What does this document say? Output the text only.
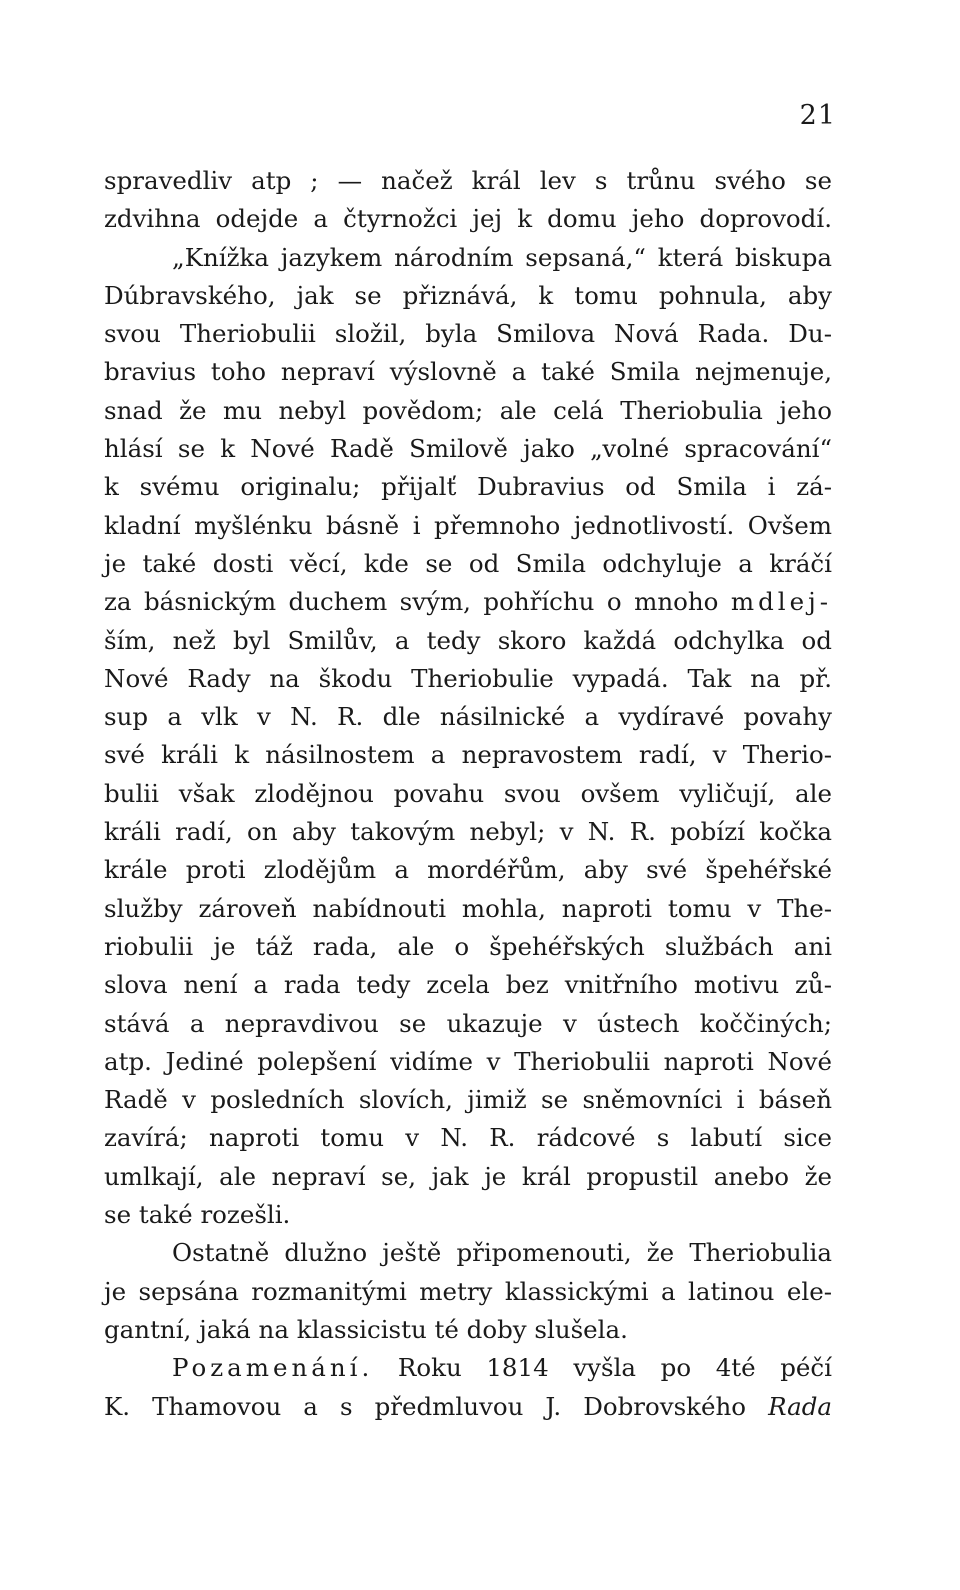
21
spravedliv atp ; — načež král lev s trůnu svého se
zdvihna odejde a čtyrnožci jej k domu jeho doprovodí.
„Knížka jazykem národním sepsaná,“ která biskupa
Dúbravského, jak se přiznává, k tomu pohnula, aby
svou Theriobulii složil, byla Smilova Nová Rada. Du-
bravius toho nepraví výslovně a také Smila nejmenuje,
snad že mu nebyl povědom; ale celá Theriobulia jeho
hlásí se k Nové Radě Smilově jako „volné spracování“
k svému originalu; přijalť Dubravius od Smila i zá-
kladní myšlénku básně i přemnoho jednotlivostí. Ovšem
je také dosti věcí, kde se od Smila odchyluje a kráčí
za básnickým duchem svým, pohříchu o mnoho mdlej-
ším, než byl Smilův, a tedy skoro každá odchylka od
Nové Rady na škodu Theriobulie vypadá. Tak na př.
sup a vlk v N. R. dle násilnické a vydíravé povahy
své králi k násilnostem a nepravostem radí, v Therio-
bulii však zlodějnou povahu svou ovšem vyličují, ale
králi radí, on aby takovým nebyl; v N. R. pobízí kočka
krále proti zlodějům a mordéřům, aby své špehéřské
služby zároveň nabídnouti mohla, naproti tomu v The-
riobulii je táž rada, ale o špehéřských službách ani
slova není a rada tedy zcela bez vnitřního motivu zů-
stává a nepravdivou se ukazuje v ústech koččiných;
atp. Jediné polepšení vidíme v Theriobulii naproti Nové
Radě v posledních slovích, jimiž se sněmovníci i báseň
zavírá; naproti tomu v N. R. rádcové s labutí sice
umlkají, ale nepraví se, jak je král propustil anebo že
se také rozešli.
Ostatně dlužno ještě připomenouti, že Theriobulia
je sepsána rozmanitými metry klassickými a latinou ele-
gantní, jaká na klassicistu té doby slušela.
Pozamenání. Roku 1814 vyšla po 4té péčí
K. Thamovou a s předmluvou J. Dobrovského Rada
